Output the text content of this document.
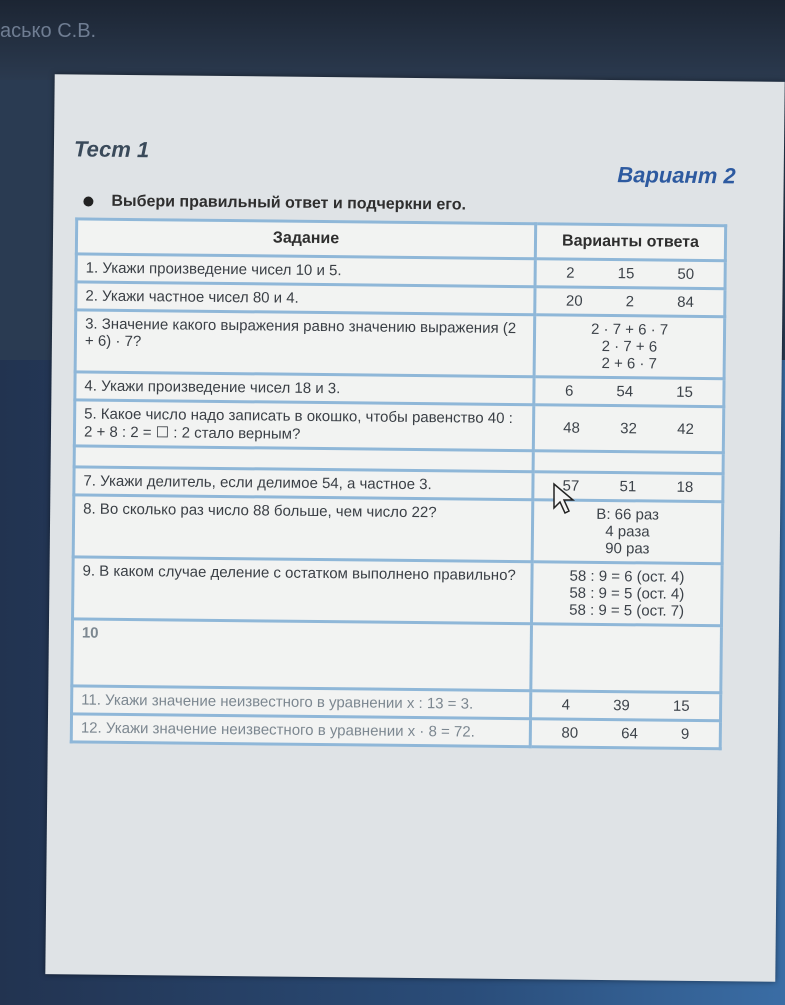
асько С.В.
Тест 1
Вариант 2
Выбери правильный ответ и подчеркни его.
Задание	Варианты ответа
1. Укажи произведение чисел 10 и 5.	2 15 50

2. Укажи частное чисел 80 и 4.	20 2 84

3. Значение какого выражения равно значению выражения (2 + 6) · 7?	2 · 7 + 6 · 7
2 · 7 + 6
2 + 6 · 7

4. Укажи произведение чисел 18 и 3.	6 54 15

5. Какое число надо записать в окошко, чтобы равенство 40 : 2 + 8 : 2 = ☐ : 2 стало верным?	48 32 42

7. Укажи делитель, если делимое 54, а частное 3.	57 51 18

8. Во сколько раз число 88 больше, чем число 22?	В: 66 раз
4 раза
90 раз

9. В каком случае деление с остатком выполнено правильно?	58 : 9 = 6 (ост. 4)
58 : 9 = 5 (ост. 4)
58 : 9 = 5 (ост. 7)

10	
11. Укажи значение неизвестного в уравнении x : 13 = 3.	4 39 15

12. Укажи значение неизвестного в уравнении x · 8 = 72.	80 64 9
